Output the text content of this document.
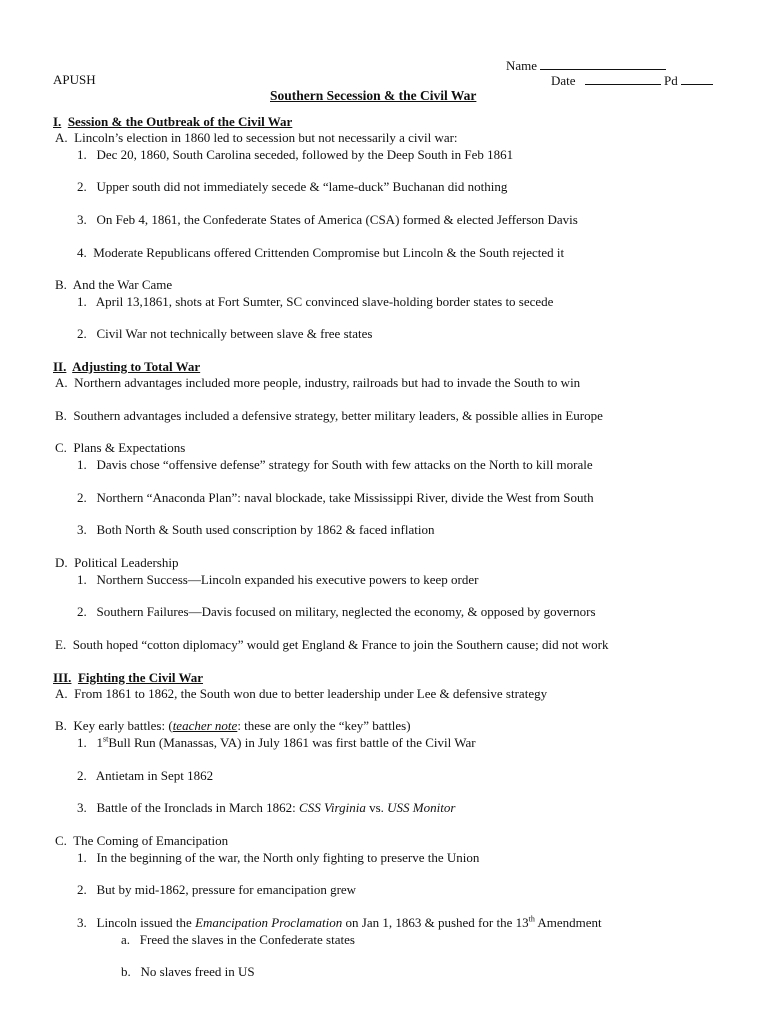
Name
APUSH	Date	Pd
Southern Secession & the Civil War
I. Session & the Outbreak of the Civil War
A. Lincoln’s election in 1860 led to secession but not necessarily a civil war:
1.   Dec 20, 1860, South Carolina seceded, followed by the Deep South in Feb 1861
2.   Upper south did not immediately secede & “lame-duck” Buchanan did nothing
3.   On Feb 4, 1861, the Confederate States of America (CSA) formed & elected Jefferson Davis
4.  Moderate Republicans offered Crittenden Compromise but Lincoln & the South rejected it
B. And the War Came
1.   April 13,1861, shots at Fort Sumter, SC convinced slave-holding border states to secede
2.   Civil War not technically between slave & free states
II. Adjusting to Total War
A. Northern advantages included more people, industry, railroads but had to invade the South to win
B. Southern advantages included a defensive strategy, better military leaders, & possible allies in Europe
C. Plans & Expectations
1.   Davis chose “offensive defense” strategy for South with few attacks on the North to kill morale
2.   Northern “Anaconda Plan”: naval blockade, take Mississippi River, divide the West from South
3.   Both North & South used conscription by 1862 & faced inflation
D. Political Leadership
1.   Northern Success—Lincoln expanded his executive powers to keep order
2.   Southern Failures—Davis focused on military, neglected the economy, & opposed by governors
E. South hoped “cotton diplomacy” would get England & France to join the Southern cause; did not work
III. Fighting the Civil War
A. From 1861 to 1862, the South won due to better leadership under Lee & defensive strategy
B. Key early battles: (teacher note: these are only the “key” battles)
1.   1stBull Run (Manassas, VA) in July 1861 was first battle of the Civil War
2.   Antietam in Sept 1862
3.   Battle of the Ironclads in March 1862: CSS Virginia vs. USS Monitor
C. The Coming of Emancipation
1.   In the beginning of the war, the North only fighting to preserve the Union
2.   But by mid-1862, pressure for emancipation grew
3.   Lincoln issued the Emancipation Proclamation on Jan 1, 1863 & pushed for the 13th Amendment
a. Freed the slaves in the Confederate states
b. No slaves freed in US
